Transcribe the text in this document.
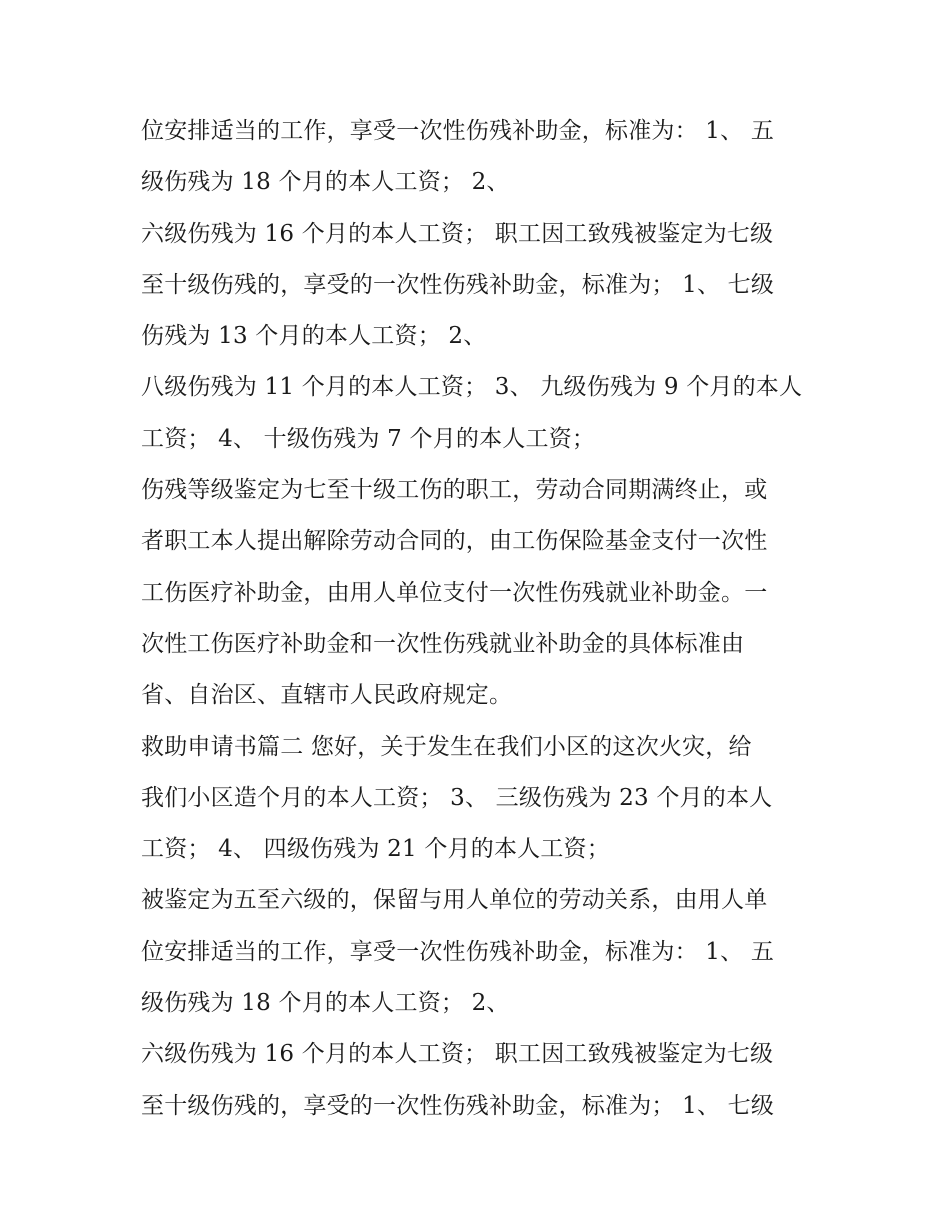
位安排适当的工作，享受一次性伤残补助金，标准为： 1、 五
级伤残为 18 个月的本人工资； 2、
六级伤残为 16 个月的本人工资； 职工因工致残被鉴定为七级
至十级伤残的，享受的一次性伤残补助金，标准为； 1、 七级
伤残为 13 个月的本人工资； 2、
八级伤残为 11 个月的本人工资； 3、 九级伤残为 9 个月的本人
工资； 4、 十级伤残为 7 个月的本人工资；
伤残等级鉴定为七至十级工伤的职工，劳动合同期满终止，或
者职工本人提出解除劳动合同的，由工伤保险基金支付一次性
工伤医疗补助金，由用人单位支付一次性伤残就业补助金。一
次性工伤医疗补助金和一次性伤残就业补助金的具体标准由
省、自治区、直辖市人民政府规定。
救助申请书篇二 您好，关于发生在我们小区的这次火灾，给
我们小区造个月的本人工资； 3、 三级伤残为 23 个月的本人
工资； 4、 四级伤残为 21 个月的本人工资；
被鉴定为五至六级的，保留与用人单位的劳动关系，由用人单
位安排适当的工作，享受一次性伤残补助金，标准为： 1、 五
级伤残为 18 个月的本人工资； 2、
六级伤残为 16 个月的本人工资； 职工因工致残被鉴定为七级
至十级伤残的，享受的一次性伤残补助金，标准为； 1、 七级
